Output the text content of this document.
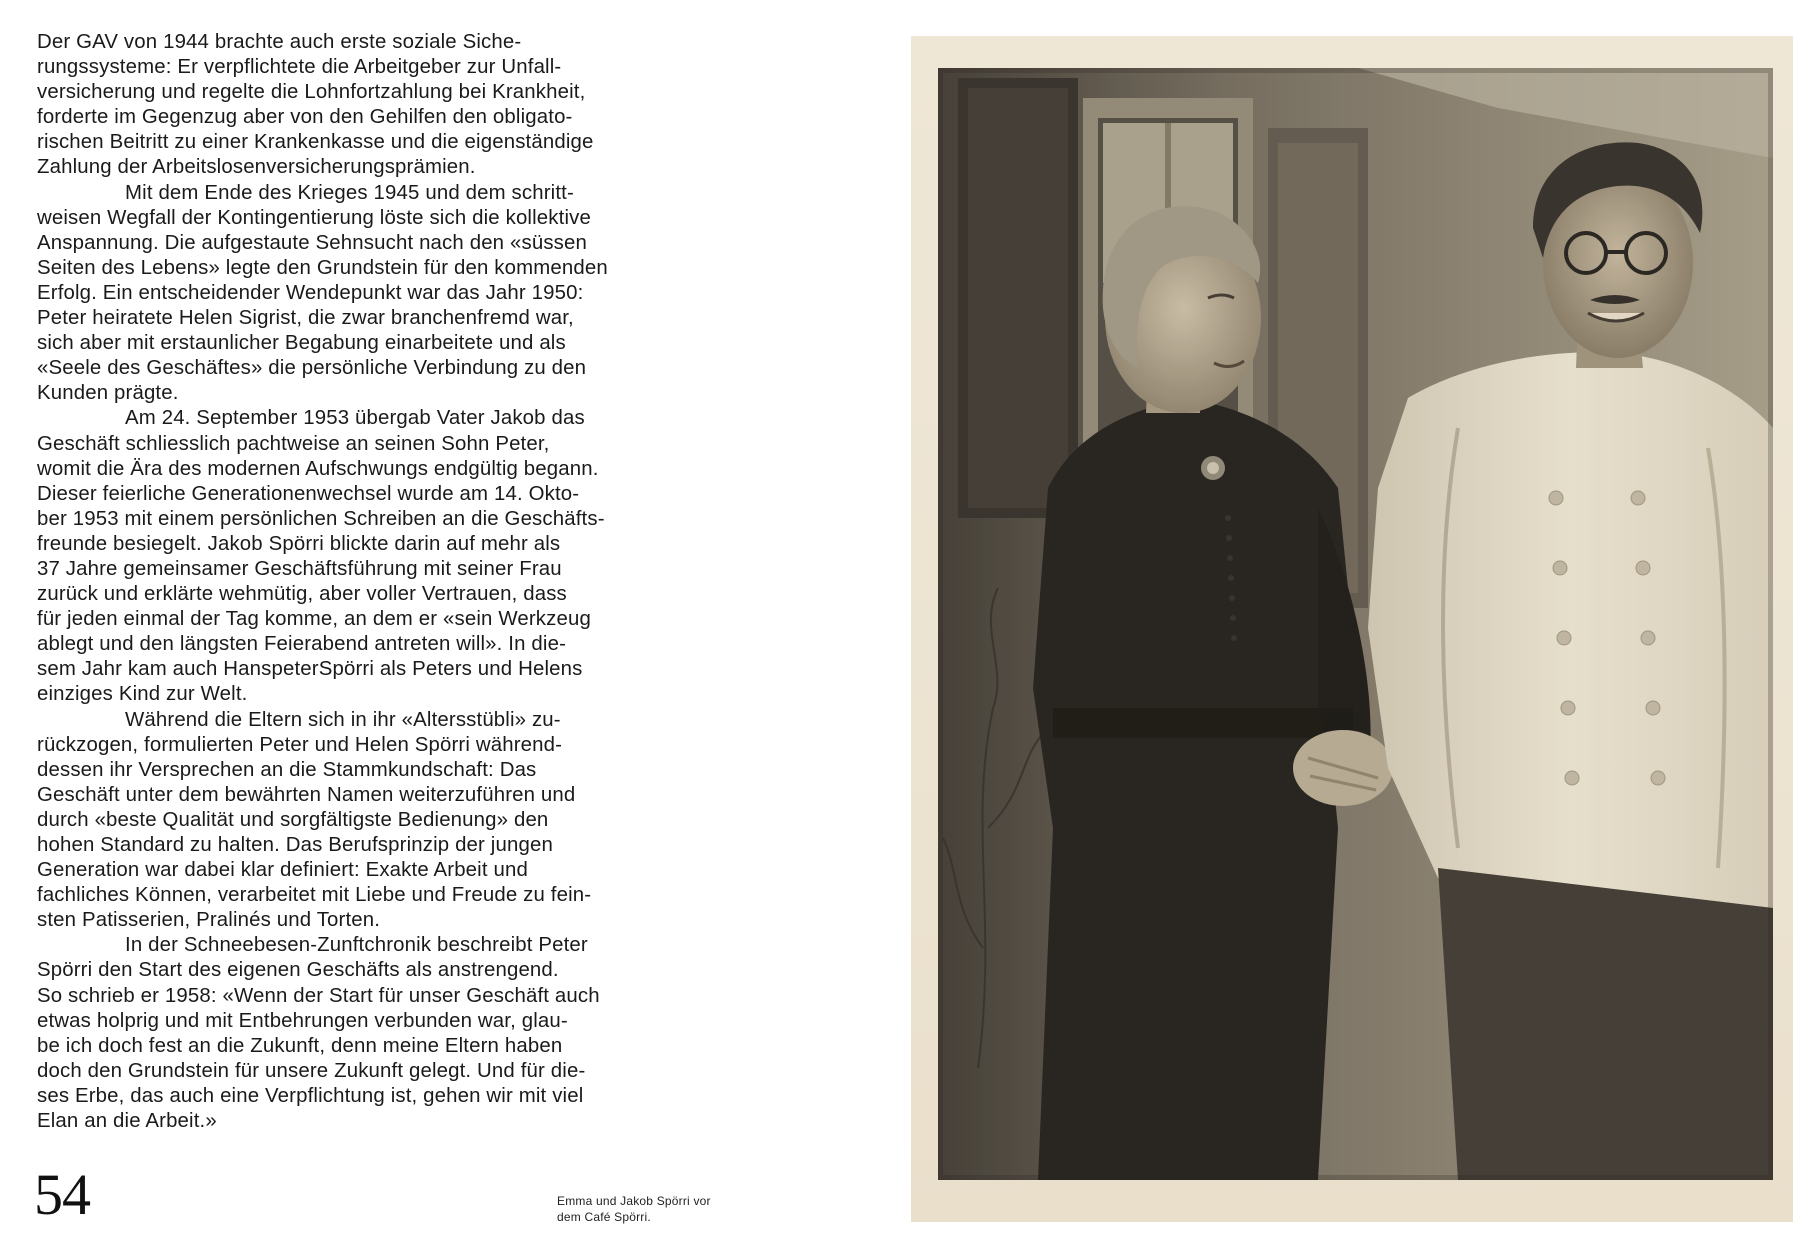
Der GAV von 1944 brachte auch erste soziale Siche-

rungssysteme: Er verpflichtete die Arbeitgeber zur Unfall-

versicherung und regelte die Lohnfortzahlung bei Krankheit,

forderte im Gegenzug aber von den Gehilfen den obligato-

rischen Beitritt zu einer Krankenkasse und die eigenständige

Zahlung der Arbeitslosenversicherungsprämien.

Mit dem Ende des Krieges 1945 und dem schritt-

weisen Wegfall der Kontingentierung löste sich die kollektive

Anspannung. Die aufgestaute Sehnsucht nach den «süssen

Seiten des Lebens» legte den Grundstein für den kommenden

Erfolg. Ein entscheidender Wendepunkt war das Jahr 1950:

Peter heiratete Helen Sigrist, die zwar branchenfremd war,

sich aber mit erstaunlicher Begabung einarbeitete und als

«Seele des Geschäftes» die persönliche Verbindung zu den

Kunden prägte.

Am 24. September 1953 übergab Vater Jakob das

Geschäft schliesslich pachtweise an seinen Sohn Peter,

womit die Ära des modernen Aufschwungs endgültig begann.

Dieser feierliche Generationenwechsel wurde am 14. Okto-

ber 1953 mit einem persönlichen Schreiben an die Geschäfts-

freunde besiegelt. Jakob Spörri blickte darin auf mehr als

37 Jahre gemeinsamer Geschäftsführung mit seiner Frau

zurück und erklärte wehmütig, aber voller Vertrauen, dass

für jeden einmal der Tag komme, an dem er «sein Werkzeug

ablegt und den längsten Feierabend antreten will». In die-

sem Jahr kam auch HanspeterSpörri als Peters und Helens

einziges Kind zur Welt.

Während die Eltern sich in ihr «Altersstübli» zu-

rückzogen, formulierten Peter und Helen Spörri während-

dessen ihr Versprechen an die Stammkundschaft: Das

Geschäft unter dem bewährten Namen weiterzuführen und

durch «beste Qualität und sorgfältigste Bedienung» den

hohen Standard zu halten. Das Berufsprinzip der jungen

Generation war dabei klar definiert: Exakte Arbeit und

fachliches Können, verarbeitet mit Liebe und Freude zu fein-

sten Patisserien, Pralinés und Torten.

In der Schneebesen-Zunftchronik beschreibt Peter

Spörri den Start des eigenen Geschäfts als anstrengend.

So schrieb er 1958: «Wenn der Start für unser Geschäft auch

etwas holprig und mit Entbehrungen verbunden war, glau-

be ich doch fest an die Zukunft, denn meine Eltern haben

doch den Grundstein für unsere Zukunft gelegt. Und für die-

ses Erbe, das auch eine Verpflichtung ist, gehen wir mit viel

Elan an die Arbeit.»

54	Emma und Jakob Spörri vor
dem Café Spörri.
